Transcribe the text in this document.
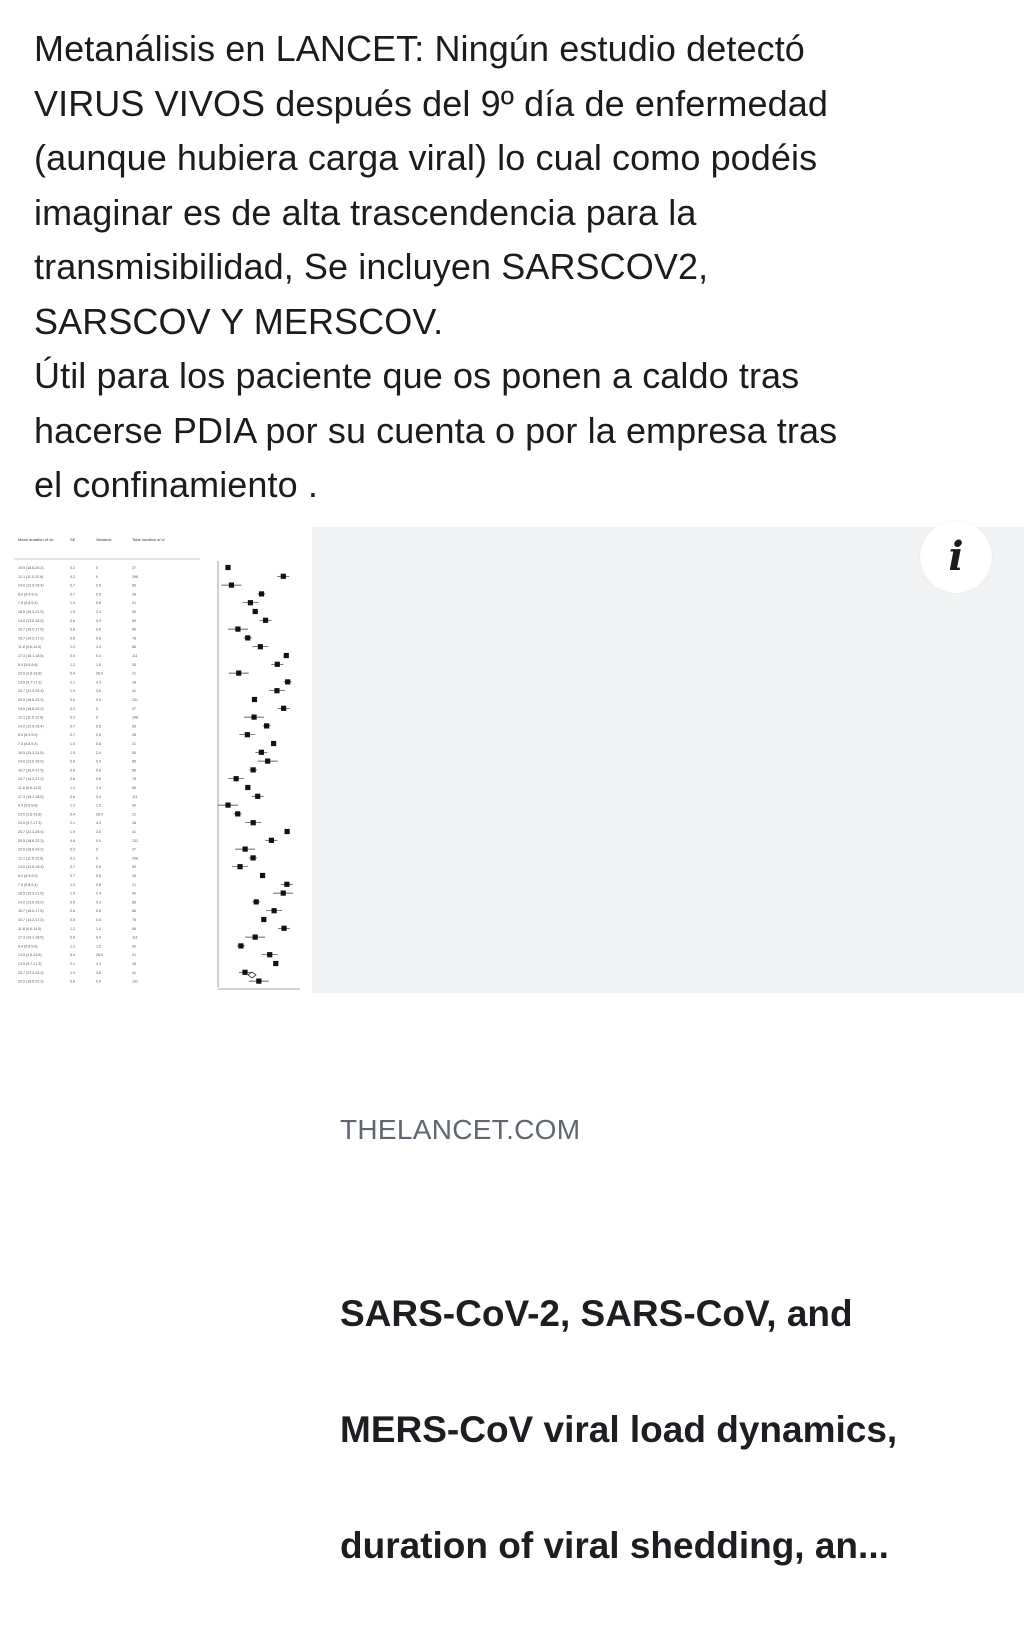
Metanálisis en LANCET: Ningún estudio detectó

VIRUS VIVOS después del 9º día de enfermedad

(aunque hubiera carga viral) lo cual como podéis

imaginar es de alta trascendencia para la

transmisibilidad, Se incluyen SARSCOV2,

SARSCOV Y MERSCOV.

Útil para los paciente que os ponen a caldo tras

hacerse PDIA por su cuenta o por la empresa tras

el confinamiento .

Mean duration of vir	SE	Variance	Total duration of vi
19.5 (18.8-20.2)	0.2	0	37
12.1 (11.5-12.6)	0.2	0	298
14.0 (12.9-15.4)	0.7	0.5	59
8.0 (6.9-9.0)	0.7	0.5	28
7.5 (5.8-9.4)	1.0	0.8	21
18.5 (15.3-21.5)	1.5	2.4	50
14.0 (13.0-15.0)	0.6	0.3	65
16.7 (16.0-17.5)	0.8	0.6	56
15.7 (14.2-17.2)	0.8	0.6	78
11.8 (9.6-14.0)	1.2	1.4	56
17.3 (16.1-18.5)	0.6	0.4	111
8.4 (5.6-9.8)	1.2	1.5	30
13.5 (2.8-23.8)	5.4	28.9	21
13.5 (9.7-17.3)	2.1	4.3	18
25.7 (22.3-29.4)	1.9	3.6	41
20.5 (18.6-22.3)	0.6	0.9	131
19.5 (18.8-20.2)	0.2	0	37
12.1 (11.5-12.6)	0.2	0	298
14.0 (12.9-15.4)	0.7	0.5	59
8.0 (6.9-9.0)	0.7	0.5	28
7.5 (5.8-9.4)	1.0	0.8	21
18.5 (15.3-21.5)	1.5	2.4	50
14.0 (13.0-15.0)	0.6	0.3	65
16.7 (16.0-17.5)	0.8	0.6	56
15.7 (14.2-17.2)	0.8	0.6	78
11.8 (9.6-14.0)	1.2	1.4	56
17.3 (16.1-18.5)	0.6	0.4	111
8.4 (5.6-9.8)	1.2	1.5	30
13.5 (2.8-23.8)	5.4	28.9	21
13.5 (9.7-17.3)	2.1	4.3	18
25.7 (22.3-29.4)	1.9	3.6	41
20.5 (18.6-22.3)	0.6	0.9	131
19.5 (18.8-20.2)	0.2	0	37
12.1 (11.5-12.6)	0.2	0	298
14.0 (12.9-15.4)	0.7	0.5	59
8.0 (6.9-9.0)	0.7	0.5	28
7.5 (5.8-9.4)	1.0	0.8	21
18.5 (15.3-21.5)	1.5	2.4	50
14.0 (13.0-15.0)	0.6	0.3	65
16.7 (16.0-17.5)	0.8	0.6	56
15.7 (14.2-17.2)	0.8	0.6	78
11.8 (9.6-14.0)	1.2	1.4	56
17.3 (16.1-18.5)	0.6	0.4	111
8.4 (5.6-9.8)	1.2	1.5	30
13.5 (2.8-23.8)	5.4	28.9	21
13.5 (9.7-17.3)	2.1	4.3	18
25.7 (22.3-29.4)	1.9	3.6	41
20.5 (18.6-22.3)	0.6	0.9	131
THELANCET.COM

SARS-CoV-2, SARS-CoV, and

MERS-CoV viral load dynamics,

duration of viral shedding, an...

i
